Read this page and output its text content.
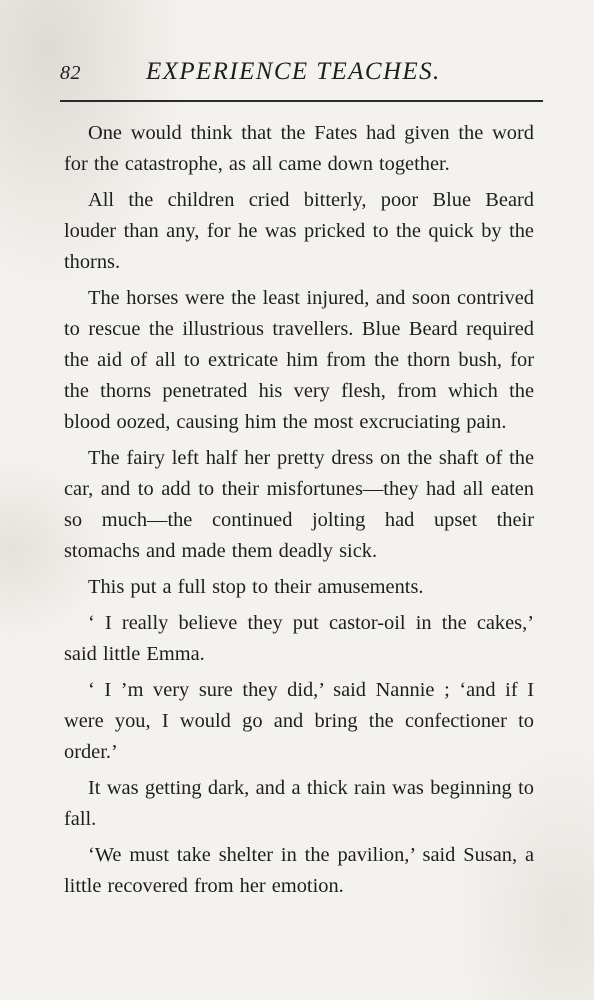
82	EXPERIENCE TEACHES.

One would think that the Fates had given the word for the catastrophe, as all came down together.

All the children cried bitterly, poor Blue Beard louder than any, for he was pricked to the quick by the thorns.

The horses were the least injured, and soon contrived to rescue the illustrious travellers. Blue Beard required the aid of all to extricate him from the thorn bush, for the thorns penetrated his very flesh, from which the blood oozed, causing him the most excruciating pain.

The fairy left half her pretty dress on the shaft of the car, and to add to their misfortunes—they had all eaten so much—the continued jolting had upset their stomachs and made them deadly sick.

This put a full stop to their amusements.

‘ I really believe they put castor-oil in the cakes,’ said little Emma.

‘ I ’m very sure they did,’ said Nannie ; ‘and if I were you, I would go and bring the confectioner to order.’

It was getting dark, and a thick rain was beginning to fall.

‘We must take shelter in the pavilion,’ said Susan, a little recovered from her emotion.
